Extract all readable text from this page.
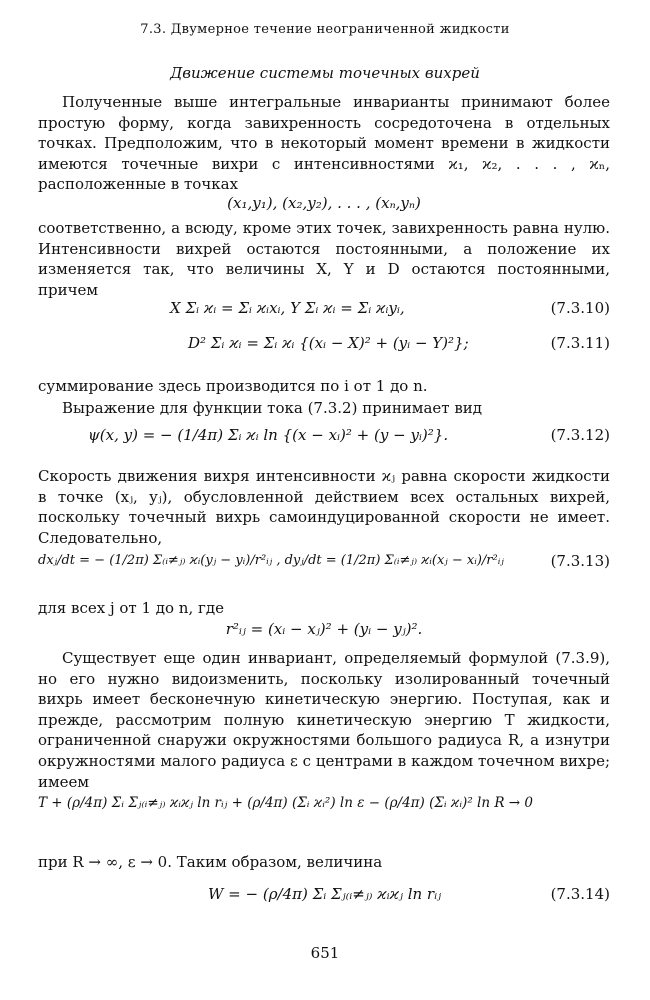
7.3. Двумерное течение неограниченной жидкости
Движение системы точечных вихрей

Полученные выше интегральные инварианты принимают более простую форму, когда завихренность сосредоточена в отдельных точках. Предположим, что в некоторый момент времени в жидкости имеются точечные вихри с интенсивностями ϰ₁, ϰ₂, . . . , ϰₙ, расположенные в точках

(x₁,y₁), (x₂,y₂), . . . , (xₙ,yₙ)

соответственно, а всюду, кроме этих точек, завихренность равна нулю. Интенсивности вихрей остаются постоянными, а положение их изменяется так, что величины X, Y и D остаются постоянными, причем

X Σᵢ ϰᵢ = Σᵢ ϰᵢxᵢ, Y Σᵢ ϰᵢ = Σᵢ ϰᵢyᵢ,	(7.3.10)
D² Σᵢ ϰᵢ = Σᵢ ϰᵢ {(xᵢ − X)² + (yᵢ − Y)²};	(7.3.11)

суммирование здесь производится по i от 1 до n.

Выражение для функции тока (7.3.2) принимает вид

ψ(x, y) = − (1/4π) Σᵢ ϰᵢ ln {(x − xᵢ)² + (y − yᵢ)²}.	(7.3.12)

Скорость движения вихря интенсивности ϰⱼ равна скорости жидкости в точке (xⱼ, yⱼ), обусловленной действием всех остальных вихрей, поскольку точечный вихрь самоиндуцированной скорости не имеет. Следовательно,

dxⱼ/dt = − (1/2π) Σ₍ᵢ≠ⱼ₎ ϰᵢ(yⱼ − yᵢ)/r²ᵢⱼ , dyⱼ/dt = (1/2π) Σ₍ᵢ≠ⱼ₎ ϰᵢ(xⱼ − xᵢ)/r²ᵢⱼ	(7.3.13)

для всех j от 1 до n, где

r²ᵢⱼ = (xᵢ − xⱼ)² + (yᵢ − yⱼ)².

Существует еще один инвариант, определяемый формулой (7.3.9), но его нужно видоизменить, поскольку изолированный точечный вихрь имеет бесконечную кинетическую энергию. Поступая, как и прежде, рассмотрим полную кинетическую энергию T жидкости, ограниченной снаружи окружностями большого радиуса R, а изнутри окружностями малого радиуса ε с центрами в каждом точечном вихре; имеем

T + (ρ/4π) Σᵢ Σⱼ₍ᵢ≠ⱼ₎ ϰᵢϰⱼ ln rᵢⱼ + (ρ/4π) (Σᵢ ϰᵢ²) ln ε − (ρ/4π) (Σᵢ ϰᵢ)² ln R → 0

при R → ∞, ε → 0. Таким образом, величина

W = − (ρ/4π) Σᵢ Σⱼ₍ᵢ≠ⱼ₎ ϰᵢϰⱼ ln rᵢⱼ	(7.3.14)
651
